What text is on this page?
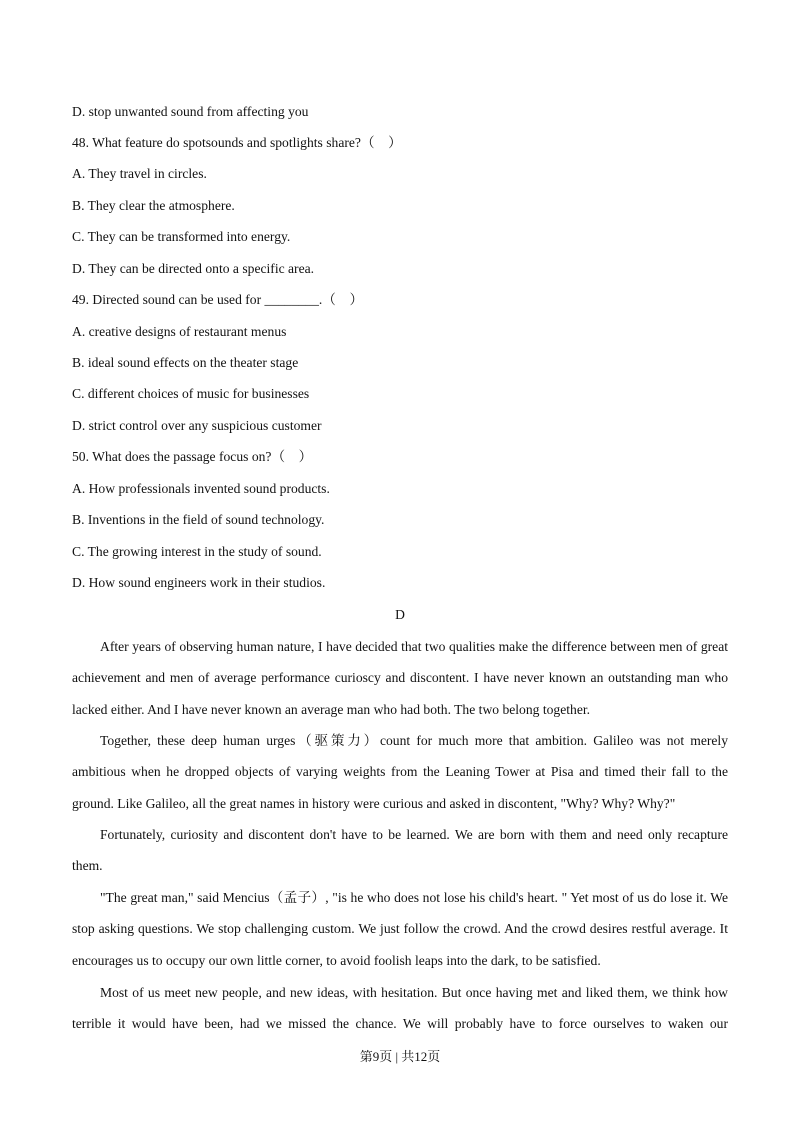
D. stop unwanted sound from affecting you
48. What feature do spotsounds and spotlights share?（　）
A. They travel in circles.
B. They clear the atmosphere.
C. They can be transformed into energy.
D. They can be directed onto a specific area.
49. Directed sound can be used for ________.（　）
A. creative designs of restaurant menus
B. ideal sound effects on the theater stage
C. different choices of music for businesses
D. strict control over any suspicious customer
50. What does the passage focus on?（　）
A. How professionals invented sound products.
B. Inventions in the field of sound technology.
C. The growing interest in the study of sound.
D. How sound engineers work in their studios.
D

After years of observing human nature, I have decided that two qualities make the difference between men of great achievement and men of average performance curioscy and discontent. I have never known an outstanding man who lacked either. And I have never known an average man who had both. The two belong together.

Together, these deep human urges（驱策力）count for much more that ambition. Galileo was not merely ambitious when he dropped objects of varying weights from the Leaning Tower at Pisa and timed their fall to the ground. Like Galileo, all the great names in history were curious and asked in discontent, "Why? Why? Why?"

Fortunately, curiosity and discontent don't have to be learned. We are born with them and need only recapture them.

"The great man," said Mencius（孟子）, "is he who does not lose his child's heart. " Yet most of us do lose it. We stop asking questions. We stop challenging custom. We just follow the crowd. And the crowd desires restful average. It encourages us to occupy our own little corner, to avoid foolish leaps into the dark, to be satisfied.

Most of us meet new people, and new ideas, with hesitation. But once having met and liked them, we think how terrible it would have been, had we missed the chance. We will probably have to force ourselves to waken our

第9页 | 共12页
